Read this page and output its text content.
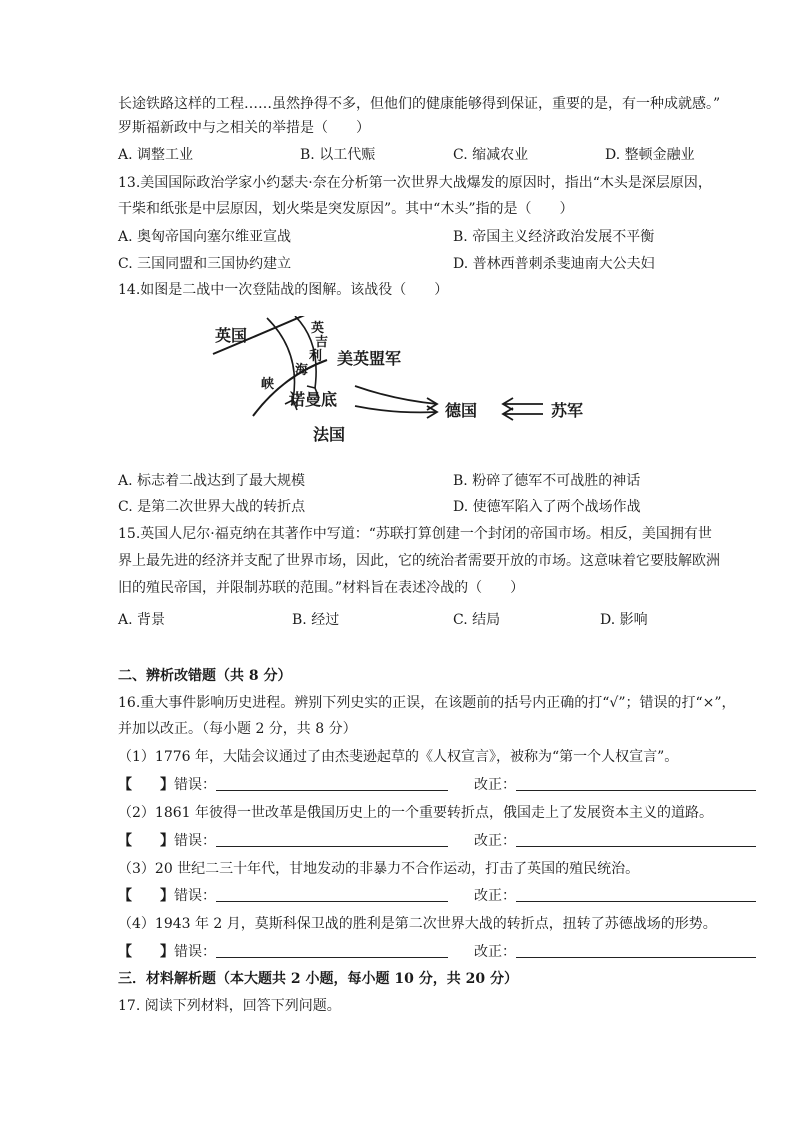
长途铁路这样的工程……虽然挣得不多，但他们的健康能够得到保证，重要的是，有一种成就感。”
罗斯福新政中与之相关的举措是（　　）
A. 调整工业	B. 以工代赈	C. 缩减农业	D. 整顿金融业
13.美国国际政治学家小约瑟夫·奈在分析第一次世界大战爆发的原因时，指出“木头是深层原因，
干柴和纸张是中层原因，划火柴是突发原因”。其中“木头”指的是（　　）
A. 奥匈帝国向塞尔维亚宣战	B. 帝国主义经济政治发展不平衡
C. 三国同盟和三国协约建立	D. 普林西普刺杀斐迪南大公夫妇
14.如图是二战中一次登陆战的图解。该战役（　　）
英国	英
吉
利
海
峡
美英盟军
诺曼底
法国
德国	苏军
A. 标志着二战达到了最大规模	B. 粉碎了德军不可战胜的神话
C. 是第二次世界大战的转折点	D. 使德军陷入了两个战场作战
15.英国人尼尔·福克纳在其著作中写道：“苏联打算创建一个封闭的帝国市场。相反，美国拥有世
界上最先进的经济并支配了世界市场，因此，它的统治者需要开放的市场。这意味着它要肢解欧洲
旧的殖民帝国，并限制苏联的范围。”材料旨在表述冷战的（　　）
A. 背景	B. 经过	C. 结局	D. 影响
二、辨析改错题（共 8 分）
16.重大事件影响历史进程。辨别下列史实的正误，在该题前的括号内正确的打“√”；错误的打“×”，
并加以改正。（每小题 2 分，共 8 分）
（1）1776 年，大陆会议通过了由杰斐逊起草的《人权宣言》，被称为“第一个人权宣言”。
【　　】错误：	改正：
（2）1861 年彼得一世改革是俄国历史上的一个重要转折点，俄国走上了发展资本主义的道路。
【　　】错误：	改正：
（3）20 世纪二三十年代，甘地发动的非暴力不合作运动，打击了英国的殖民统治。
【　　】错误：	改正：
（4）1943 年 2 月，莫斯科保卫战的胜利是第二次世界大战的转折点，扭转了苏德战场的形势。
【　　】错误：	改正：
三．材料解析题（本大题共 2 小题，每小题 10 分，共 20 分）
17. 阅读下列材料，回答下列问题。
